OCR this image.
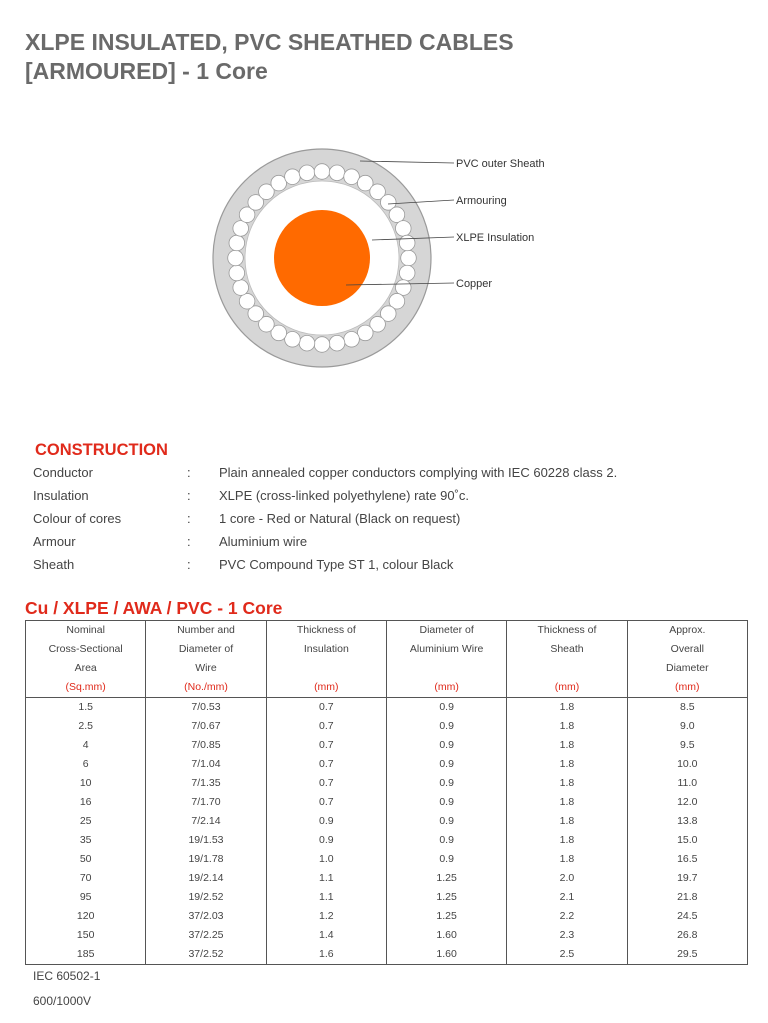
XLPE INSULATED, PVC SHEATHED CABLES
[ARMOURED] - 1 Core
PVC outer Sheath
Armouring
XLPE Insulation
Copper
CONSTRUCTION
Conductor	: Plain annealed copper conductors complying with IEC 60228 class 2.
Insulation	: XLPE (cross-linked polyethylene) rate 90˚c.
Colour of cores	: 1 core - Red or Natural (Black on request)
Armour	: Aluminium wire
Sheath	: PVC Compound Type ST 1, colour Black
Cu / XLPE / AWA / PVC - 1 Core
Nominal	Number and	Thickness of	Diameter of	Thickness of	Approx.
Cross-Sectional	Diameter of	Insulation	Aluminium Wire	Sheath	Overall
Area	Wire				Diameter
(Sq.mm)	(No./mm)	(mm)	(mm)	(mm)	(mm)
1.5	7/0.53	0.7	0.9	1.8	8.5
2.5	7/0.67	0.7	0.9	1.8	9.0
4	7/0.85	0.7	0.9	1.8	9.5
6	7/1.04	0.7	0.9	1.8	10.0
10	7/1.35	0.7	0.9	1.8	11.0
16	7/1.70	0.7	0.9	1.8	12.0
25	7/2.14	0.9	0.9	1.8	13.8
35	19/1.53	0.9	0.9	1.8	15.0
50	19/1.78	1.0	0.9	1.8	16.5
70	19/2.14	1.1	1.25	2.0	19.7
95	19/2.52	1.1	1.25	2.1	21.8
120	37/2.03	1.2	1.25	2.2	24.5
150	37/2.25	1.4	1.60	2.3	26.8
185	37/2.52	1.6	1.60	2.5	29.5
IEC 60502-1
600/1000V
